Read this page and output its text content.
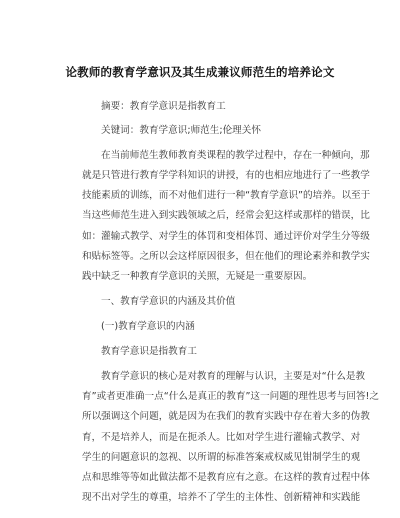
论教师的教育学意识及其生成兼议师范生的培养论文
摘要：教育学意识是指教育工
关键词：教育学意识;师范生;伦理关怀
在当前师范生教师教育类课程的教学过程中，存在一种倾向，那
就是只管进行教育学学科知识的讲授，有的也相应地进行了一些教学
技能素质的训练，而不对他们进行一种“教育学意识”的培养。以至于
当这些师范生进入到实践领域之后，经常会犯这样或那样的错误，比
如：灌输式教学、对学生的体罚和变相体罚、通过评价对学生分等级
和贴标签等。之所以会这样原因很多，但在他们的理论素养和教学实
践中缺乏一种教育学意识的关照，无疑是一重要原因。
一、教育学意识的内涵及其价值
(一)教育学意识的内涵
教育学意识是指教育工
教育学意识的核心是对教育的理解与认识，主要是对“什么是教
育”或者更准确一点“什么是真正的教育”这一问题的理性思考与回答!之
所以强调这个问题，就是因为在我们的教育实践中存在着大多的伪教
育，不是培养人，而是在扼杀人。比如对学生进行灌输式教学、对
学生的问题意识的忽视、以所谓的标准答案戒权威见钳制学生的观
点和思维等等如此做法都不是教育应有之意。在这样的教育过程中体
现不出对学生的尊重，培养不了学生的主体性、创新精神和实践能
